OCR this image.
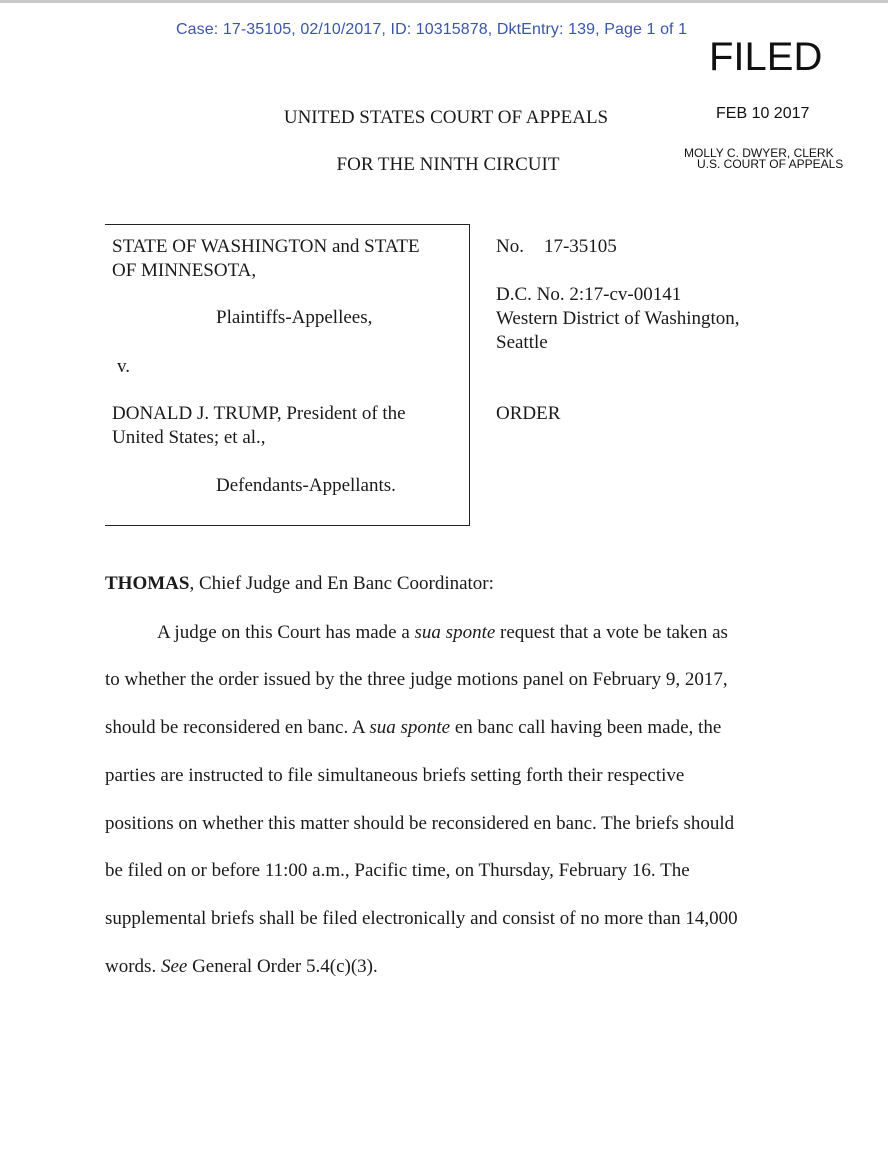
Case: 17-35105, 02/10/2017, ID: 10315878, DktEntry: 139, Page 1 of 1
FILED
FEB 10 2017
MOLLY C. DWYER, CLERK
U.S. COURT OF APPEALS
UNITED STATES COURT OF APPEALS
FOR THE NINTH CIRCUIT
STATE OF WASHINGTON and STATE
OF MINNESOTA,
Plaintiffs-Appellees,
v.
DONALD J. TRUMP, President of the
United States; et al.,
Defendants-Appellants.
No. 17-35105
D.C. No. 2:17-cv-00141
Western District of Washington,
Seattle
ORDER
THOMAS, Chief Judge and En Banc Coordinator:
A judge on this Court has made a sua sponte request that a vote be taken as
to whether the order issued by the three judge motions panel on February 9, 2017,
should be reconsidered en banc. A sua sponte en banc call having been made, the
parties are instructed to file simultaneous briefs setting forth their respective
positions on whether this matter should be reconsidered en banc. The briefs should
be filed on or before 11:00 a.m., Pacific time, on Thursday, February 16. The
supplemental briefs shall be filed electronically and consist of no more than 14,000
words. See General Order 5.4(c)(3).
